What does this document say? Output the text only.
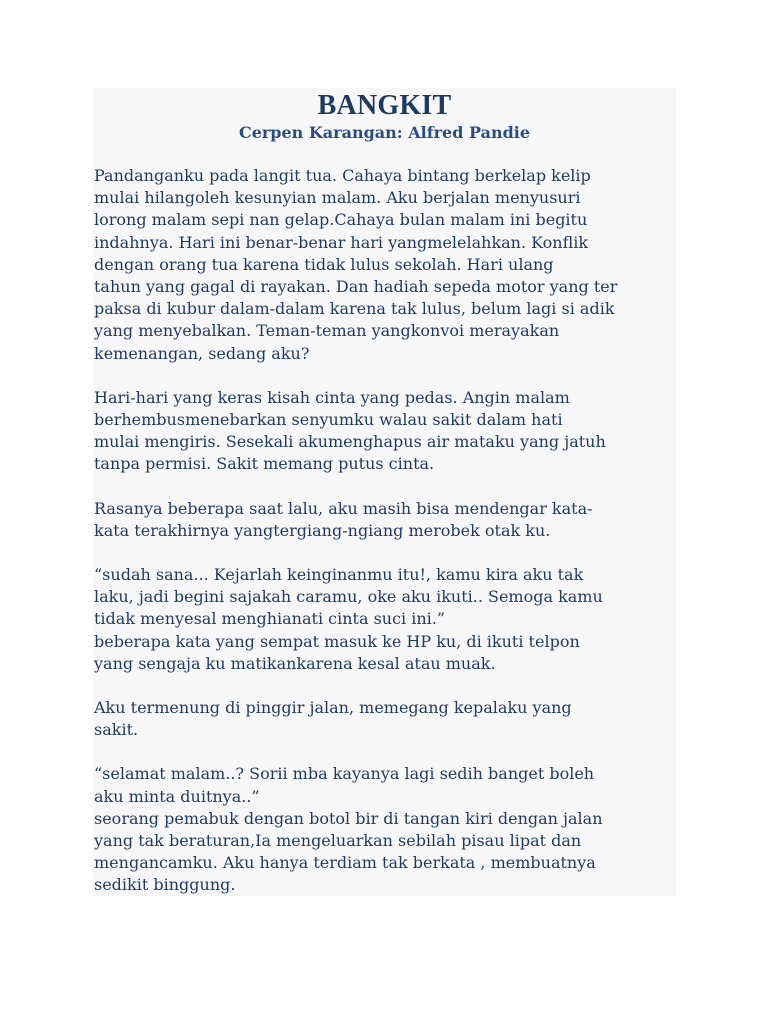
BANGKIT
Cerpen Karangan: Alfred Pandie
Pandanganku pada langit tua. Cahaya bintang berkelap kelip
mulai hilangoleh kesunyian malam. Aku berjalan menyusuri
lorong malam sepi nan gelap.Cahaya bulan malam ini begitu
indahnya. Hari ini benar-benar hari yangmelelahkan. Konflik
dengan orang tua karena tidak lulus sekolah. Hari ulang
tahun yang gagal di rayakan. Dan hadiah sepeda motor yang ter
paksa di kubur dalam-dalam karena tak lulus, belum lagi si adik
yang menyebalkan. Teman-teman yangkonvoi merayakan
kemenangan, sedang aku?
Hari-hari yang keras kisah cinta yang pedas. Angin malam
berhembusmenebarkan senyumku walau sakit dalam hati
mulai mengiris. Sesekali akumenghapus air mataku yang jatuh
tanpa permisi. Sakit memang putus cinta.
Rasanya beberapa saat lalu, aku masih bisa mendengar kata-
kata terakhirnya yangtergiang-ngiang merobek otak ku.
“sudah sana... Kejarlah keinginanmu itu!, kamu kira aku tak
laku, jadi begini sajakah caramu, oke aku ikuti.. Semoga kamu
tidak menyesal menghianati cinta suci ini.”
beberapa kata yang sempat masuk ke HP ku, di ikuti telpon
yang sengaja ku matikankarena kesal atau muak.
Aku termenung di pinggir jalan, memegang kepalaku yang
sakit.
“selamat malam..? Sorii mba kayanya lagi sedih banget boleh
aku minta duitnya..”
seorang pemabuk dengan botol bir di tangan kiri dengan jalan
yang tak beraturan,Ia mengeluarkan sebilah pisau lipat dan
mengancamku. Aku hanya terdiam tak berkata , membuatnya
sedikit binggung.
